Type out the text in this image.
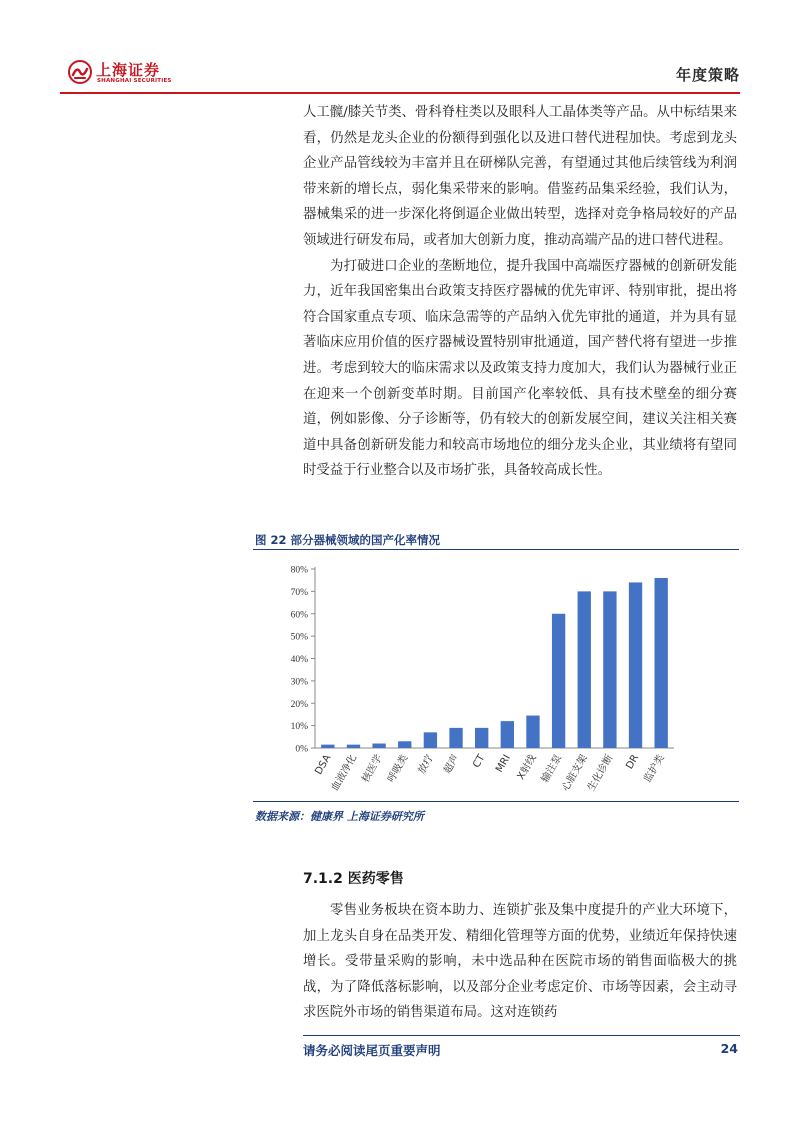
上海证券
SHANGHAI SECURITIES	年度策略

人工髋/膝关节类、骨科脊柱类以及眼科人工晶体类等产品。从中标结果来看，仍然是龙头企业的份额得到强化以及进口替代进程加快。考虑到龙头企业产品管线较为丰富并且在研梯队完善，有望通过其他后续管线为利润带来新的增长点，弱化集采带来的影响。借鉴药品集采经验，我们认为，器械集采的进一步深化将倒逼企业做出转型，选择对竞争格局较好的产品领域进行研发布局，或者加大创新力度，推动高端产品的进口替代进程。

为打破进口企业的垄断地位，提升我国中高端医疗器械的创新研发能力，近年我国密集出台政策支持医疗器械的优先审评、特别审批，提出将符合国家重点专项、临床急需等的产品纳入优先审批的通道，并为具有显著临床应用价值的医疗器械设置特别审批通道，国产替代将有望进一步推进。考虑到较大的临床需求以及政策支持力度加大，我们认为器械行业正在迎来一个创新变革时期。目前国产化率较低、具有技术壁垒的细分赛道，例如影像、分子诊断等，仍有较大的创新发展空间，建议关注相关赛道中具备创新研发能力和较高市场地位的细分龙头企业，其业绩将有望同时受益于行业整合以及市场扩张，具备较高成长性。

图 22 部分器械领域的国产化率情况
0%
10%
20%
30%
40%
50%
60%
70%
80%
DSA
血液净化 核医学 呼吸类 放疗 超声 CT MRI X射线 输注泵
心脏支架
生化诊断 DR 监护类
数据来源：健康界 上海证券研究所
7.1.2 医药零售

零售业务板块在资本助力、连锁扩张及集中度提升的产业大环境下，加上龙头自身在品类开发、精细化管理等方面的优势，业绩近年保持快速增长。受带量采购的影响，未中选品种在医院市场的销售面临极大的挑战，为了降低落标影响，以及部分企业考虑定价、市场等因素，会主动寻求医院外市场的销售渠道布局。这对连锁药

请务必阅读尾页重要声明	24
